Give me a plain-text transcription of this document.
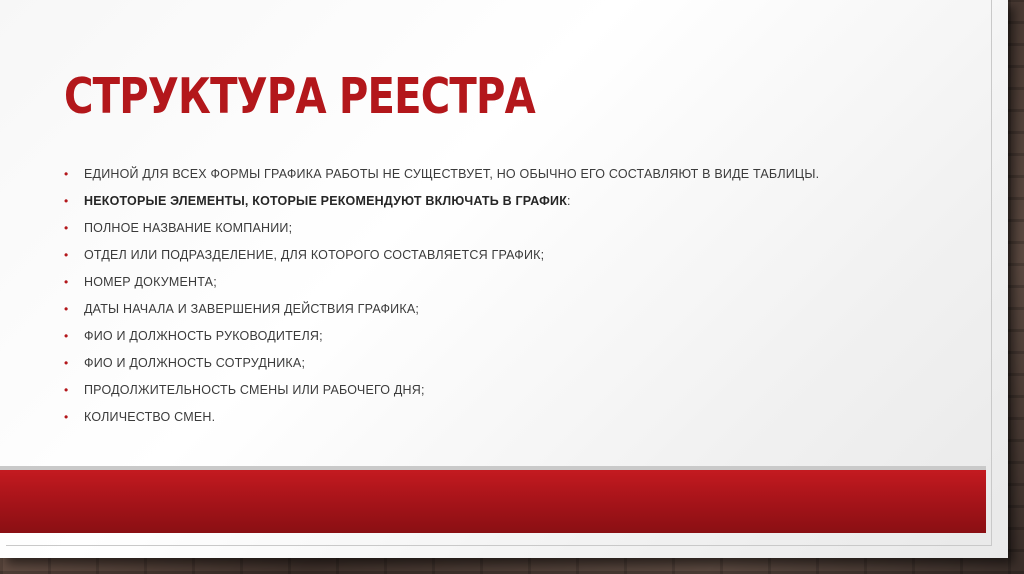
СТРУКТУРА РЕЕСТРА
• ЕДИНОЙ ДЛЯ ВСЕХ ФОРМЫ ГРАФИКА РАБОТЫ НЕ СУЩЕСТВУЕТ, НО ОБЫЧНО ЕГО СОСТАВЛЯЮТ В ВИДЕ ТАБЛИЦЫ.
• НЕКОТОРЫЕ ЭЛЕМЕНТЫ, КОТОРЫЕ РЕКОМЕНДУЮТ ВКЛЮЧАТЬ В ГРАФИК:
• ПОЛНОЕ НАЗВАНИЕ КОМПАНИИ;
• ОТДЕЛ ИЛИ ПОДРАЗДЕЛЕНИЕ, ДЛЯ КОТОРОГО СОСТАВЛЯЕТСЯ ГРАФИК;
• НОМЕР ДОКУМЕНТА;
• ДАТЫ НАЧАЛА И ЗАВЕРШЕНИЯ ДЕЙСТВИЯ ГРАФИКА;
• ФИО И ДОЛЖНОСТЬ РУКОВОДИТЕЛЯ;
• ФИО И ДОЛЖНОСТЬ СОТРУДНИКА;
• ПРОДОЛЖИТЕЛЬНОСТЬ СМЕНЫ ИЛИ РАБОЧЕГО ДНЯ;
• КОЛИЧЕСТВО СМЕН.
